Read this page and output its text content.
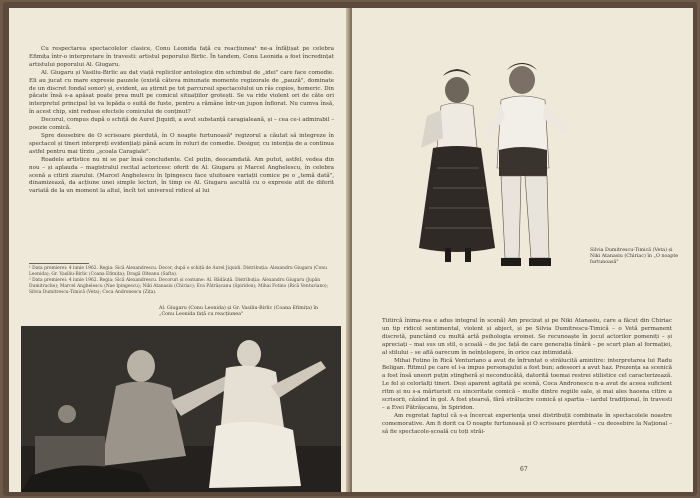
Cu respectarea spectacolelor clasice, Conu Leonida față cu reacțiunea¹ ne-a înfățișat pe celebra Efimița într-o interpretare în travesti: artistul poporului Birlic. În tandem, Conu Leonida a fost încredințat artistului poporului Al. Giugaru.

Al. Giugaru și Vasiliu-Birlic au dat viață replicilor antologice din schimbul de „idei" care face comedie. Eli au jucat cu mare expresie pauzele (există câteva minunate momente regizorale de „pauză", dominate de un discret fondal sonor) și, evident, au știrnit pe tot parcursul spectacolului un râs copios, homeric. Din păcate însă s-a apăsat poate prea mult pe comicul situațiilor grotești. Se va ride violent ori de câte ori interpretul principal își va lepăda o suită de fuste, pentru a rămâne într-un jupon înflorat. Nu cumva însă, în acest chip, sint reduse efectele comicului de conținut?

Decorul, compus după o schiță de Aurel Jiquidi, a avut substanță caragialeană, și – cea ce-i admirabil – poezie comică.

Spre deosebire de O scrisoare pierdută, în O noapte furtunoasă² regizorul a căutat să integreze în spectacol și tineri interpreți evidențiați până acum în roluri de comedie. Desigur, cu intenția de a continua astfel pentru mai tîrziu „școala Caragiale".

Roadele artistice nu ni se par însă concludente. Cel puțin, deocamdată. Am putut, astfel, vedea din nou – și aplauda – magistralul recital actoricesc oferit de Al. Giugaru și Marcel Anghelescu, în celebra scenă a citirii ziarului. (Marcel Anghelescu în Ipingescu face uluitoare variații comice pe o „temă dată", dinamizează, da acțiune unei simple lecturi, în timp ce Al. Giugaru ascultă cu o expresie atit de diferit variată de la un moment la altul, încît tot universul ridicol al lui

¹ Data premierei: 4 iunie 1962. Regia: Sică Alexandrescu. Decor, după o schiță de Aurel Jiquidi. Distribuția: Alexandru Giugaru (Conu Leonida); Gr. Vasiliu-Birlic (Coana Efimița); Dragă Olteanu (Safta).

² Data premierei: 4 iunie 1962. Regia: Sică Alexandrescu. Decoruri și costume: Al. Bădăuță. Distribuția: Alexandru Giugaru (Jupân Dumitrache); Marcel Anghelescu (Nae Ipingescu); Niki Atanasiu (Chiriac); Eva Pătrășcanu (Spiridon); Mihai Fotino (Rică Venturiano); Silvia Dumitrescu-Timică (Veta); Coca Andronescu (Zița).

Al. Giugaru (Conu Leonida) și Gr. Vasiliu-Birlic (Coana Efimița) în „Conu Leonida față cu reacțiunea"
Silvia Dumitrescu-Timică (Veta) și Niki Atanasiu (Chiriac) în „O noapte furtunoasă"

Tiitircă înima-rea e adus integral în scenă) Am precizat și pe Niki Atanasiu, care a făcut din Chiriac un tip ridicol sentimental, violent și abject, și pe Silvia Dumitrescu-Timică – o Vetă permanent discretă, punctând cu multă artă psihologia eroinei. Se recunoaște în jocul actorilor pomeniți – și apreciați – mai sus un stil, o școală – de joc față de care generația tînără – pe scurt plan al formației, al stilului – se află oarecum în neînțelegere, în orice caz intimidată.

Mihai Fotino în Rică Venturiano a avut de înfruntat o strălucită amintire: interpretarea lui Radu Beligan. Ritmul pe care el i-a impus personajului a fost bun; adeseori a avut haz. Prezența sa scenică a fost însă uneori puțin stingheră și neconducătă, datorită toemai restrei stilistice cel caracterizează. Le fel și celorlalți tineri. Deși aparent agitată pe scenă, Coca Andronescu n-a avut de aceea suficient ritm și nu s-a mărturisit cu sinceritate comică – multe dintre regiile sale, și mai ales haosna citire a scrisorii, căzând în gol. A fost ștearsă, fără strălucire comică și spartia – iardul tradițional, în travesti – a Evei Pătrășcanu, în Spiridon.

Am regretat faptul că s-a încercat experiența unei distribuții combinate în spectacolele noastre comemorative. Am fi dorit ca O noapte furtunoasă și O scrisoare pierdută – cu deosebire la Național – să fie spectacole-școală cu toți străi-

67
